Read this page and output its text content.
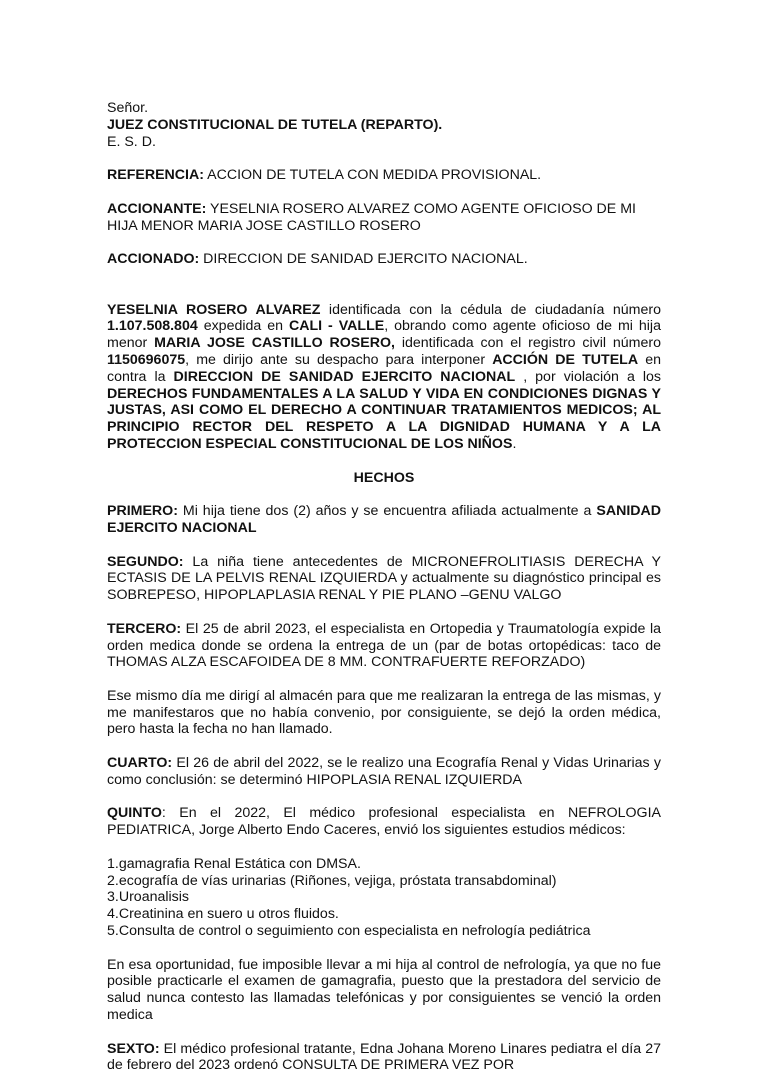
Señor.

JUEZ CONSTITUCIONAL DE TUTELA (REPARTO).

E. S. D.

REFERENCIA: ACCION DE TUTELA CON MEDIDA PROVISIONAL.

ACCIONANTE: YESELNIA ROSERO ALVAREZ COMO AGENTE OFICIOSO DE MI HIJA MENOR MARIA JOSE CASTILLO ROSERO

ACCIONADO: DIRECCION DE SANIDAD EJERCITO NACIONAL.

YESELNIA ROSERO ALVAREZ identificada con la cédula de ciudadanía número 1.107.508.804 expedida en CALI - VALLE, obrando como agente oficioso de mi hija menor MARIA JOSE CASTILLO ROSERO, identificada con el registro civil número 1150696075, me dirijo ante su despacho para interponer ACCIÓN DE TUTELA en contra la DIRECCION DE SANIDAD EJERCITO NACIONAL , por violación a los DERECHOS FUNDAMENTALES A LA SALUD Y VIDA EN CONDICIONES DIGNAS Y JUSTAS, ASI COMO EL DERECHO A CONTINUAR TRATAMIENTOS MEDICOS; AL PRINCIPIO RECTOR DEL RESPETO A LA DIGNIDAD HUMANA Y A LA PROTECCION ESPECIAL CONSTITUCIONAL DE LOS NIÑOS.

HECHOS

PRIMERO: Mi hija tiene dos (2) años y se encuentra afiliada actualmente a SANIDAD EJERCITO NACIONAL

SEGUNDO: La niña tiene antecedentes de MICRONEFROLITIASIS DERECHA Y ECTASIS DE LA PELVIS RENAL IZQUIERDA y actualmente su diagnóstico principal es SOBREPESO, HIPOPLAPLASIA RENAL Y PIE PLANO –GENU VALGO

TERCERO: El 25 de abril 2023, el especialista en Ortopedia y Traumatología expide la orden medica donde se ordena la entrega de un (par de botas ortopédicas: taco de THOMAS ALZA ESCAFOIDEA DE 8 MM. CONTRAFUERTE REFORZADO)

Ese mismo día me dirigí al almacén para que me realizaran la entrega de las mismas, y me manifestaros que no había convenio, por consiguiente, se dejó la orden médica, pero hasta la fecha no han llamado.

CUARTO: El 26 de abril del 2022, se le realizo una Ecografía Renal y Vidas Urinarias y como conclusión: se determinó HIPOPLASIA RENAL IZQUIERDA

QUINTO: En el 2022, El médico profesional especialista en NEFROLOGIA PEDIATRICA, Jorge Alberto Endo Caceres, envió los siguientes estudios médicos:

1.gamagrafia Renal Estática con DMSA.

2.ecografía de vías urinarias (Riñones, vejiga, próstata transabdominal)

3.Uroanalisis

4.Creatinina en suero u otros fluidos.

5.Consulta de control o seguimiento con especialista en nefrología pediátrica

En esa oportunidad, fue imposible llevar a mi hija al control de nefrología, ya que no fue posible practicarle el examen de gamagrafia, puesto que la prestadora del servicio de salud nunca contesto las llamadas telefónicas y por consiguientes se venció la orden medica

SEXTO: El médico profesional tratante, Edna Johana Moreno Linares pediatra el día 27 de febrero del 2023 ordenó CONSULTA DE PRIMERA VEZ POR
